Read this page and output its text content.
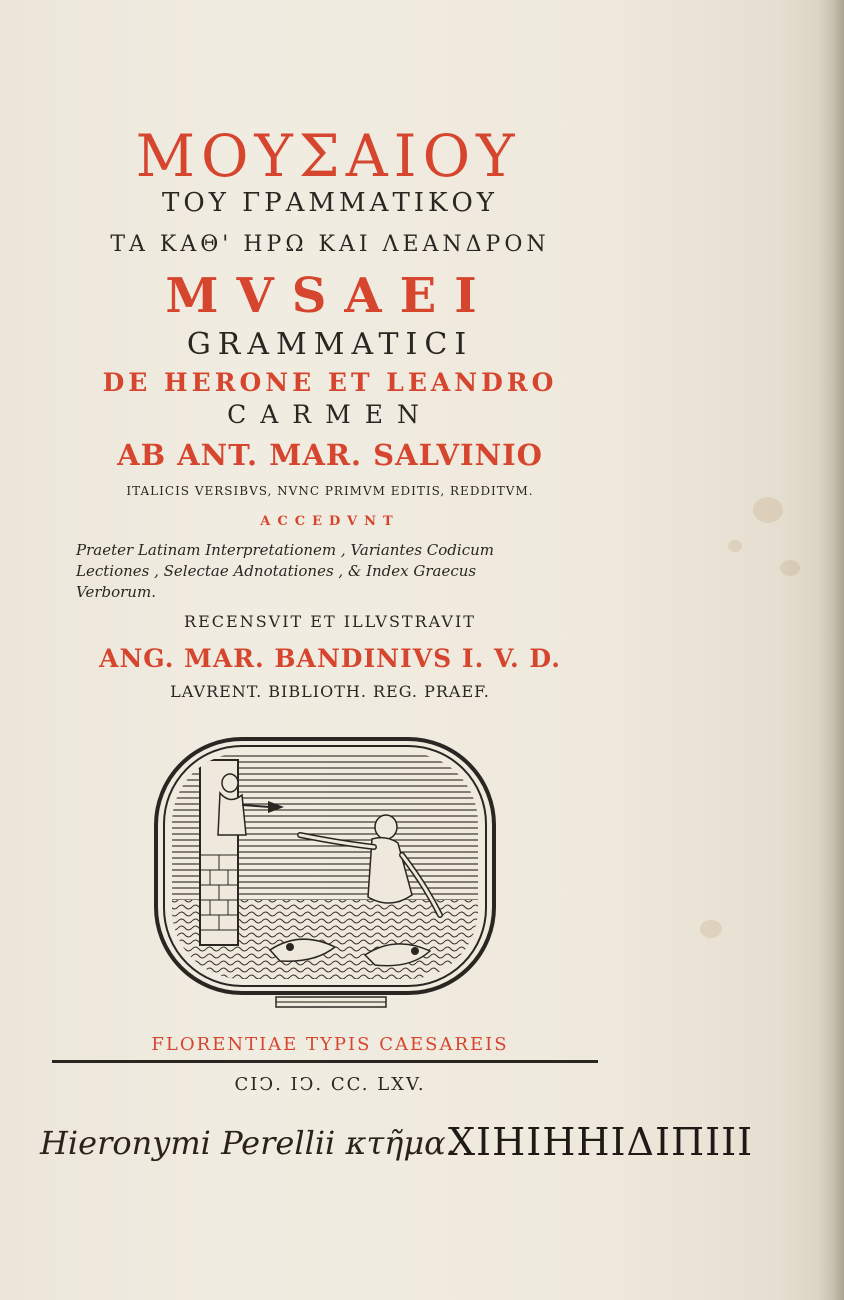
ΜΟΥΣΑΙΟΥ
ΤΟΥ ΓΡΑΜΜΑΤΙΚΟΥ
ΤΑ ΚΑΘ' ΗΡΩ ΚΑΙ ΛΕΑΝΔΡΟΝ
MVSAEI
GRAMMATICI
DE HERONE ET LEANDRO
CARMEN
AB ANT. MAR. SALVINIO
ITALICIS VERSIBVS, NVNC PRIMVM EDITIS, REDDITVM.
ACCEDVNT
Praeter Latinam Interpretationem , Variantes Codicum
Lectiones , Selectae Adnotationes , & Index Graecus
Verborum.
RECENSVIT ET ILLVSTRAVIT
ANG. MAR. BANDINIVS I. V. D.
LAVRENT. BIBLIOTH. REG. PRAEF.
FLORENTIAE TYPIS CAESAREIS
CIↃ. IↃ. CC. LXV.
Hieronymi Perellii κτῆμα.
ΧΙΗΙΗΗΙΔΙΠΙΙΙ
